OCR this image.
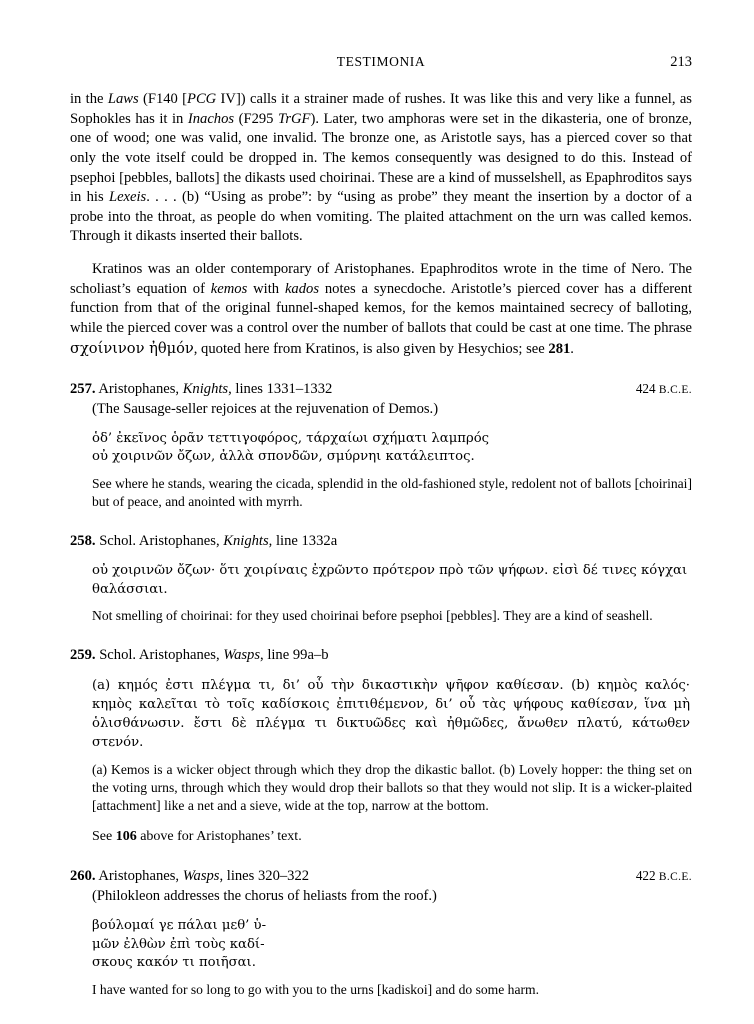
TESTIMONIA	213

in the Laws (F140 [PCG IV]) calls it a strainer made of rushes. It was like this and very like a funnel, as Sophokles has it in Inachos (F295 TrGF). Later, two amphoras were set in the dikasteria, one of bronze, one of wood; one was valid, one invalid. The bronze one, as Aristotle says, has a pierced cover so that only the vote itself could be dropped in. The kemos consequently was designed to do this. Instead of psephoi [pebbles, ballots] the dikasts used choirinai. These are a kind of musselshell, as Epaphroditos says in his Lexeis. . . . (b) “Using as probe”: by “using as probe” they meant the insertion by a doctor of a probe into the throat, as people do when vomiting. The plaited attachment on the urn was called kemos. Through it dikasts inserted their ballots.

Kratinos was an older contemporary of Aristophanes. Epaphroditos wrote in the time of Nero. The scholiast’s equation of kemos with kados notes a synecdoche. Aristotle’s pierced cover has a different function from that of the original funnel-shaped kemos, for the kemos maintained secrecy of balloting, while the pierced cover was a control over the number of ballots that could be cast at one time. The phrase σχοίνινον ἠθμόν, quoted here from Kratinos, is also given by Hesychios; see 281.

257. Aristophanes, Knights, lines 1331–1332	424 B.C.E.
(The Sausage-seller rejoices at the rejuvenation of Demos.)
ὁδ’ ἐκεῖνος ὁρᾶν τεττιγοφόρος, τάρχαίωι σχήματι λαμπρός
οὐ χοιρινῶν ὄζων, ἀλλὰ σπονδῶν, σμύρνηι κατάλειπτος.
See where he stands, wearing the cicada, splendid in the old-fashioned style, redolent not of ballots [choirinai] but of peace, and anointed with myrrh.
258. Schol. Aristophanes, Knights, line 1332a
οὐ χοιρινῶν ὄζων· ὅτι χοιρίναις ἐχρῶντο πρότερον πρὸ τῶν ψήφων. εἰσὶ δέ τινες κόγχαι
θαλάσσιαι.
Not smelling of choirinai: for they used choirinai before psephoi [pebbles]. They are a kind of seashell.
259. Schol. Aristophanes, Wasps, line 99a–b
(a) κημός ἐστι πλέγμα τι, δι’ οὗ τὴν δικαστικὴν ψῆφον καθίεσαν. (b) κημὸς καλός· κημὸς καλεῖται τὸ τοῖς καδίσκοις ἐπιτιθέμενον, δι’ οὗ τὰς ψήφους καθίεσαν, ἵνα μὴ ὁλισθάνωσιν. ἔστι δὲ πλέγμα τι δικτυῶδες καὶ ἠθμῶδες, ἄνωθεν πλατύ, κάτωθεν στενόν.
(a) Kemos is a wicker object through which they drop the dikastic ballot. (b) Lovely hopper: the thing set on the voting urns, through which they would drop their ballots so that they would not slip. It is a wicker-plaited [attachment] like a net and a sieve, wide at the top, narrow at the bottom.
See 106 above for Aristophanes’ text.
260. Aristophanes, Wasps, lines 320–322	422 B.C.E.
(Philokleon addresses the chorus of heliasts from the roof.)
βούλομαί γε πάλαι μεθ’ ὑ-
μῶν ἐλθὼν ἐπὶ τοὺς καδί-
σκους κακόν τι ποιῆσαι.
I have wanted for so long to go with you to the urns [kadiskoi] and do some harm.
